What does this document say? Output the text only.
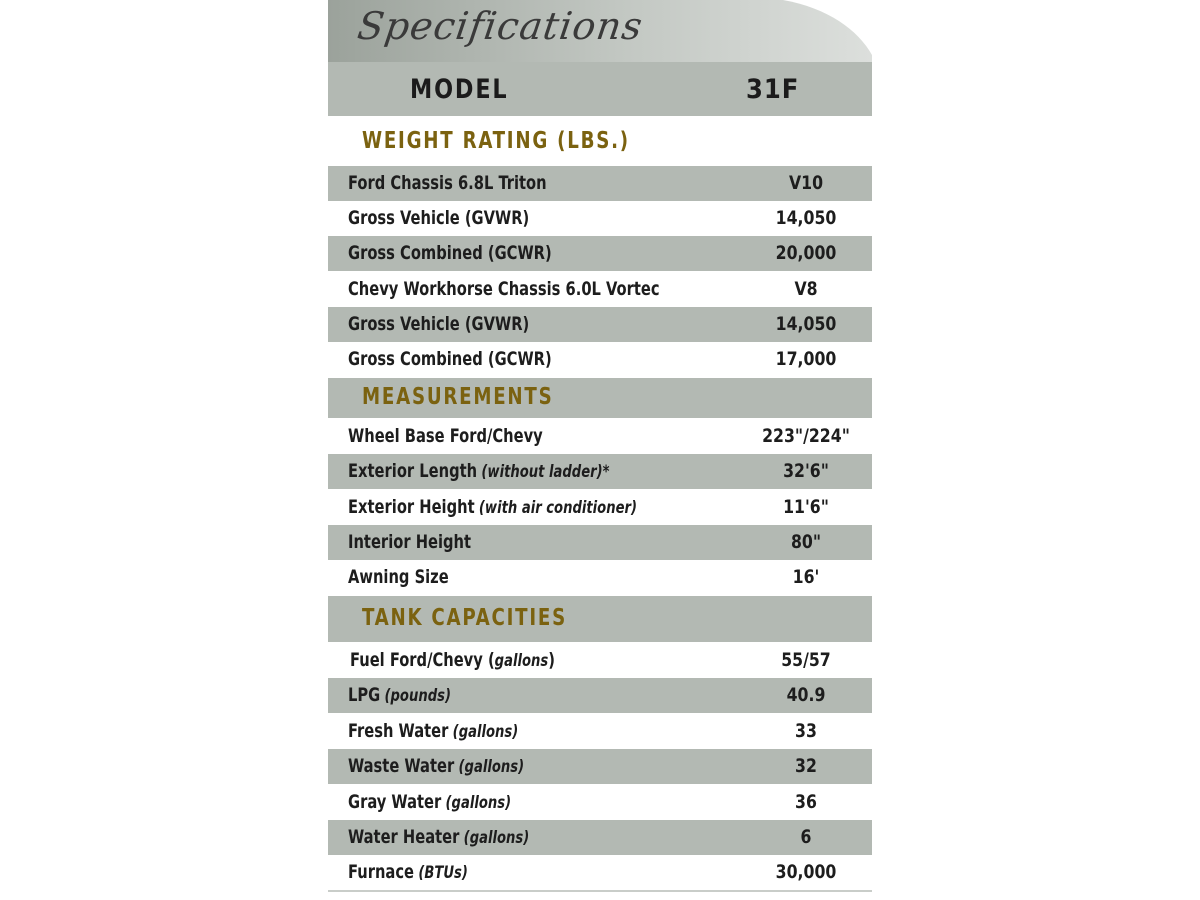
Specifications
MODEL	31F
WEIGHT RATING (LBS.)
Ford Chassis 6.8L Triton	V10
Gross Vehicle (GVWR)	14,050
Gross Combined (GCWR)	20,000
Chevy Workhorse Chassis 6.0L Vortec	V8
Gross Vehicle (GVWR)	14,050
Gross Combined (GCWR)	17,000
MEASUREMENTS
Wheel Base Ford/Chevy	223"/224"
Exterior Length (without ladder)*	32'6"
Exterior Height (with air conditioner)	11'6"
Interior Height	80"
Awning Size	16'
TANK CAPACITIES
Fuel Ford/Chevy (gallons)	55/57
LPG (pounds)	40.9
Fresh Water (gallons)	33
Waste Water (gallons)	32
Gray Water (gallons)	36
Water Heater (gallons)	6
Furnace (BTUs)	30,000
